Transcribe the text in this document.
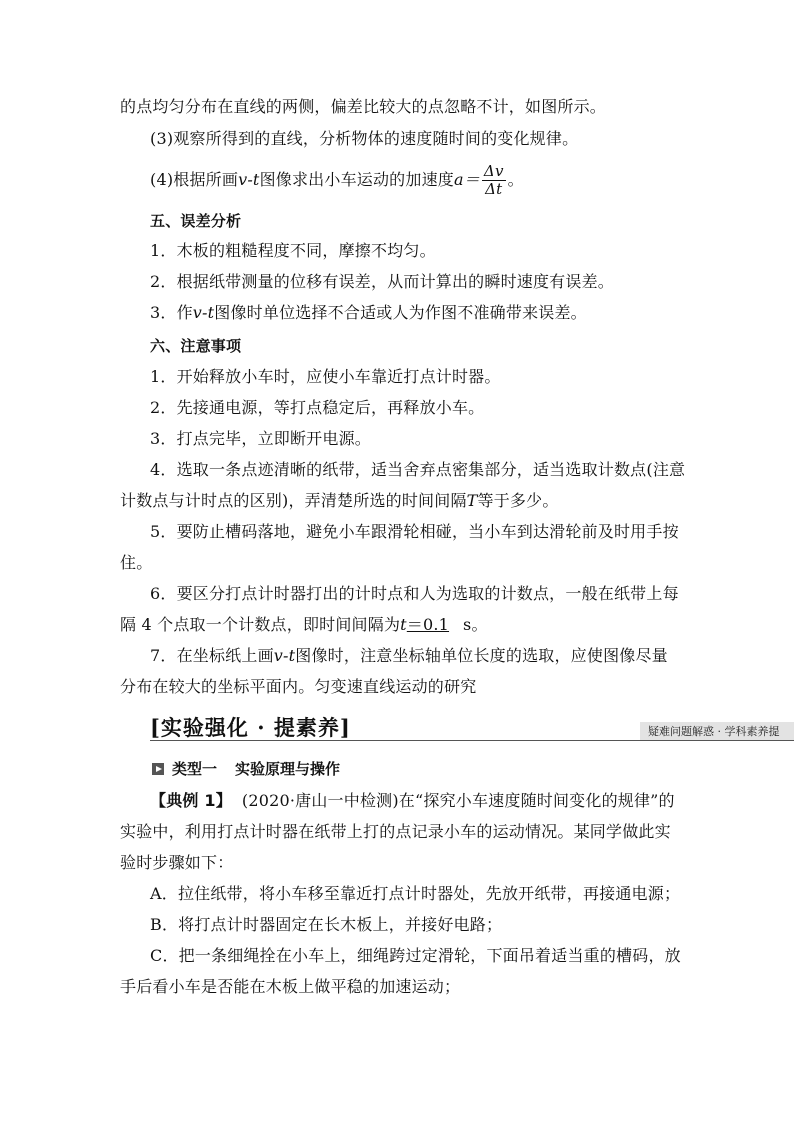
的点均匀分布在直线的两侧，偏差比较大的点忽略不计，如图所示。
(3)观察所得到的直线，分析物体的速度随时间的变化规律。
(4)根据所画v-t图像求出小车运动的加速度$a= \frac{\Delta v}{\Delta t}$ 。
五、误差分析
1．木板的粗糙程度不同，摩擦不均匀。
2．根据纸带测量的位移有误差，从而计算出的瞬时速度有误差。
3．作v-t图像时单位选择不合适或人为作图不准确带来误差。
六、注意事项
1．开始释放小车时，应使小车靠近打点计时器。
2．先接通电源，等打点稳定后，再释放小车。
3．打点完毕，立即断开电源。
4．选取一条点迹清晰的纸带，适当舍弃点密集部分，适当选取计数点(注意
计数点与计时点的区别)，弄清楚所选的时间间隔T等于多少。
5．要防止槽码落地，避免小车跟滑轮相碰，当小车到达滑轮前及时用手按
住。
6．要区分打点计时器打出的计时点和人为选取的计数点，一般在纸带上每
隔 4 个点取一个计数点，即时间间隔为t＝0.1 s。
7．在坐标纸上画v-t图像时，注意坐标轴单位长度的选取，应使图像尽量
分布在较大的坐标平面内。匀变速直线运动的研究
[实验强化 · 提素养]	疑难问题解惑 · 学科素养提
类型一 实验原理与操作
【典例 1】 (2020·唐山一中检测)在“探究小车速度随时间变化的规律”的
实验中，利用打点计时器在纸带上打的点记录小车的运动情况。某同学做此实
验时步骤如下：
A．拉住纸带，将小车移至靠近打点计时器处，先放开纸带，再接通电源；
B．将打点计时器固定在长木板上，并接好电路；
C．把一条细绳拴在小车上，细绳跨过定滑轮，下面吊着适当重的槽码，放
手后看小车是否能在木板上做平稳的加速运动；
